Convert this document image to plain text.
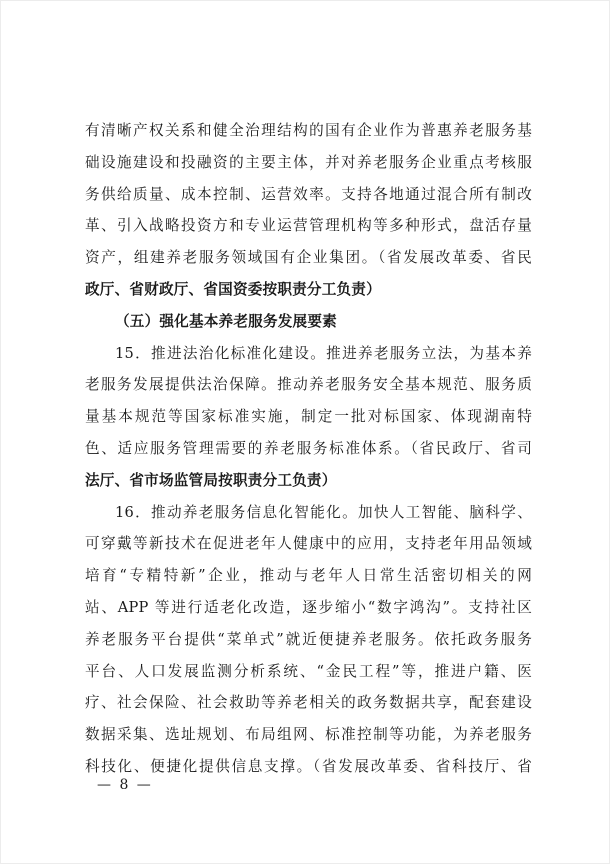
有清晰产权关系和健全治理结构的国有企业作为普惠养老服务基
础设施建设和投融资的主要主体，并对养老服务企业重点考核服
务供给质量、成本控制、运营效率。支持各地通过混合所有制改
革、引入战略投资方和专业运营管理机构等多种形式，盘活存量
资产，组建养老服务领域国有企业集团。（省发展改革委、省民
政厅、省财政厅、省国资委按职责分工负责）
（五）强化基本养老服务发展要素
15．推进法治化标准化建设。推进养老服务立法，为基本养
老服务发展提供法治保障。推动养老服务安全基本规范、服务质
量基本规范等国家标准实施，制定一批对标国家、体现湖南特
色、适应服务管理需要的养老服务标准体系。（省民政厅、省司
法厅、省市场监管局按职责分工负责）
16．推动养老服务信息化智能化。加快人工智能、脑科学、
可穿戴等新技术在促进老年人健康中的应用，支持老年用品领域
培育“专精特新”企业，推动与老年人日常生活密切相关的网
站、APP 等进行适老化改造，逐步缩小“数字鸿沟”。支持社区
养老服务平台提供“菜单式”就近便捷养老服务。依托政务服务
平台、人口发展监测分析系统、“金民工程”等，推进户籍、医
疗、社会保险、社会救助等养老相关的政务数据共享，配套建设
数据采集、选址规划、布局组网、标准控制等功能，为养老服务
科技化、便捷化提供信息支撑。（省发展改革委、省科技厅、省
— 8 —
